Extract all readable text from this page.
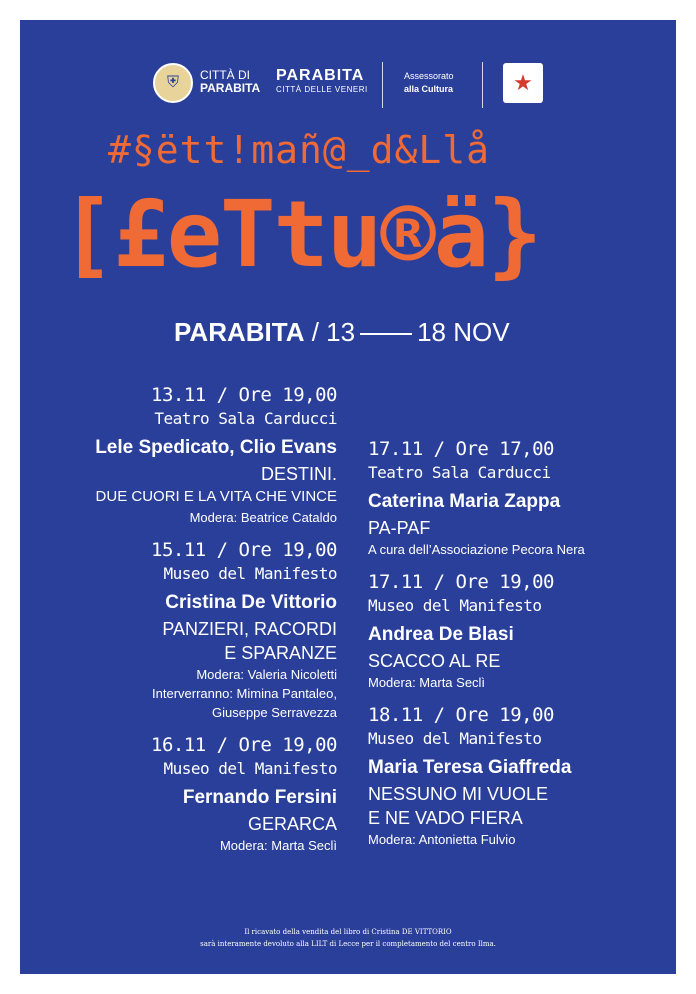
⛨	CITTÀ DI
PARABITA
PARABITA
CITTÀ DELLE VENERI
Assessorato
alla Cultura	★
#§ëtt!mañ@_d&Llå
[£eTtu®ä}
PARABITA / 13 18 NOV
13.11 / Ore 19,00
Teatro Sala Carducci
Lele Spedicato, Clio Evans
DESTINI.
DUE CUORI E LA VITA CHE VINCE
Modera: Beatrice Cataldo
15.11 / Ore 19,00
Museo del Manifesto
Cristina De Vittorio
PANZIERI, RACORDI
E SPARANZE
Modera: Valeria Nicoletti
Interverranno: Mimina Pantaleo,
Giuseppe Serravezza
16.11 / Ore 19,00
Museo del Manifesto
Fernando Fersini
GERARCA
Modera: Marta Seclì
17.11 / Ore 17,00
Teatro Sala Carducci
Caterina Maria Zappa
PA-PAF
A cura dell’Associazione Pecora Nera
17.11 / Ore 19,00
Museo del Manifesto
Andrea De Blasi
SCACCO AL RE
Modera: Marta Seclì
18.11 / Ore 19,00
Museo del Manifesto
Maria Teresa Giaffreda
NESSUNO MI VUOLE
E NE VADO FIERA
Modera: Antonietta Fulvio
Il ricavato della vendita del libro di Cristina DE VITTORIO
sarà interamente devoluto alla LILT di Lecce per il completamento del centro Ilma.
